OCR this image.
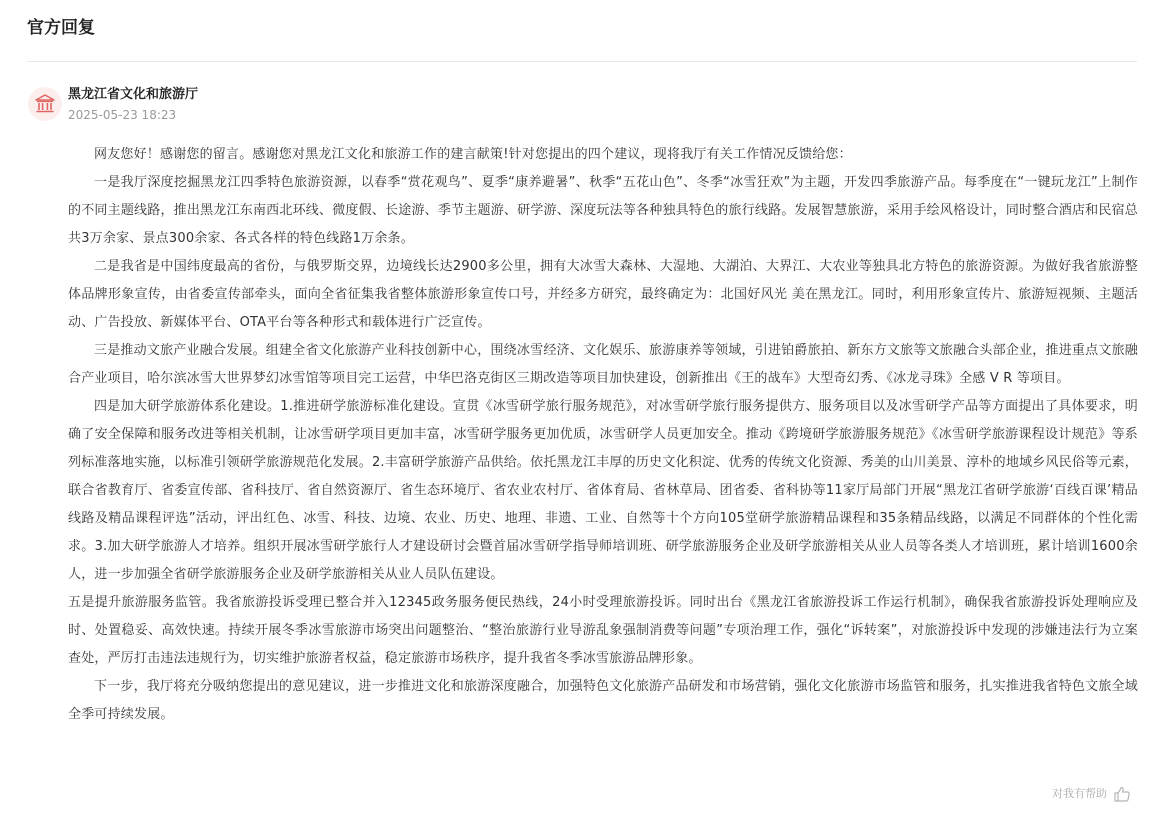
官方回复
黑龙江省文化和旅游厅
2025-05-23 18:23

网友您好！感谢您的留言。感谢您对黑龙江文化和旅游工作的建言献策!针对您提出的四个建议，现将我厅有关工作情况反馈给您：

一是我厅深度挖掘黑龙江四季特色旅游资源，以春季“赏花观鸟”、夏季“康养避暑”、秋季“五花山色”、冬季“冰雪狂欢”为主题，开发四季旅游产品。每季度在“一键玩龙江”上制作的不同主题线路，推出黑龙江东南西北环线、微度假、长途游、季节主题游、研学游、深度玩法等各种独具特色的旅行线路。发展智慧旅游，采用手绘风格设计，同时整合酒店和民宿总共3万余家、景点300余家、各式各样的特色线路1万余条。

二是我省是中国纬度最高的省份，与俄罗斯交界，边境线长达2900多公里，拥有大冰雪大森林、大湿地、大湖泊、大界江、大农业等独具北方特色的旅游资源。为做好我省旅游整体品牌形象宣传，由省委宣传部牵头，面向全省征集我省整体旅游形象宣传口号，并经多方研究，最终确定为：北国好风光 美在黑龙江。同时，利用形象宣传片、旅游短视频、主题活动、广告投放、新媒体平台、OTA平台等各种形式和载体进行广泛宣传。

三是推动文旅产业融合发展。组建全省文化旅游产业科技创新中心，围绕冰雪经济、文化娱乐、旅游康养等领域，引进铂爵旅拍、新东方文旅等文旅融合头部企业，推进重点文旅融合产业项目，哈尔滨冰雪大世界梦幻冰雪馆等项目完工运营，中华巴洛克街区三期改造等项目加快建设，创新推出《王的战车》大型奇幻秀、《冰龙寻珠》全感 V R 等项目。

四是加大研学旅游体系化建设。1.推进研学旅游标准化建设。宣贯《冰雪研学旅行服务规范》，对冰雪研学旅行服务提供方、服务项目以及冰雪研学产品等方面提出了具体要求，明确了安全保障和服务改进等相关机制，让冰雪研学项目更加丰富，冰雪研学服务更加优质，冰雪研学人员更加安全。推动《跨境研学旅游服务规范》《冰雪研学旅游课程设计规范》等系列标准落地实施，以标准引领研学旅游规范化发展。2.丰富研学旅游产品供给。依托黑龙江丰厚的历史文化积淀、优秀的传统文化资源、秀美的山川美景、淳朴的地域乡风民俗等元素，联合省教育厅、省委宣传部、省科技厅、省自然资源厅、省生态环境厅、省农业农村厅、省体育局、省林草局、团省委、省科协等11家厅局部门开展“黑龙江省研学旅游‘百线百课’精品线路及精品课程评选”活动，评出红色、冰雪、科技、边境、农业、历史、地理、非遗、工业、自然等十个方向105堂研学旅游精品课程和35条精品线路，以满足不同群体的个性化需求。3.加大研学旅游人才培养。组织开展冰雪研学旅行人才建设研讨会暨首届冰雪研学指导师培训班、研学旅游服务企业及研学旅游相关从业人员等各类人才培训班，累计培训1600余人，进一步加强全省研学旅游服务企业及研学旅游相关从业人员队伍建设。

五是提升旅游服务监管。我省旅游投诉受理已整合并入12345政务服务便民热线，24小时受理旅游投诉。同时出台《黑龙江省旅游投诉工作运行机制》，确保我省旅游投诉处理响应及时、处置稳妥、高效快速。持续开展冬季冰雪旅游市场突出问题整治、“整治旅游行业导游乱象强制消费等问题”专项治理工作，强化“诉转案”，对旅游投诉中发现的涉嫌违法行为立案查处，严厉打击违法违规行为，切实维护旅游者权益，稳定旅游市场秩序，提升我省冬季冰雪旅游品牌形象。

下一步，我厅将充分吸纳您提出的意见建议，进一步推进文化和旅游深度融合，加强特色文化旅游产品研发和市场营销，强化文化旅游市场监管和服务，扎实推进我省特色文旅全域全季可持续发展。

对我有帮助
